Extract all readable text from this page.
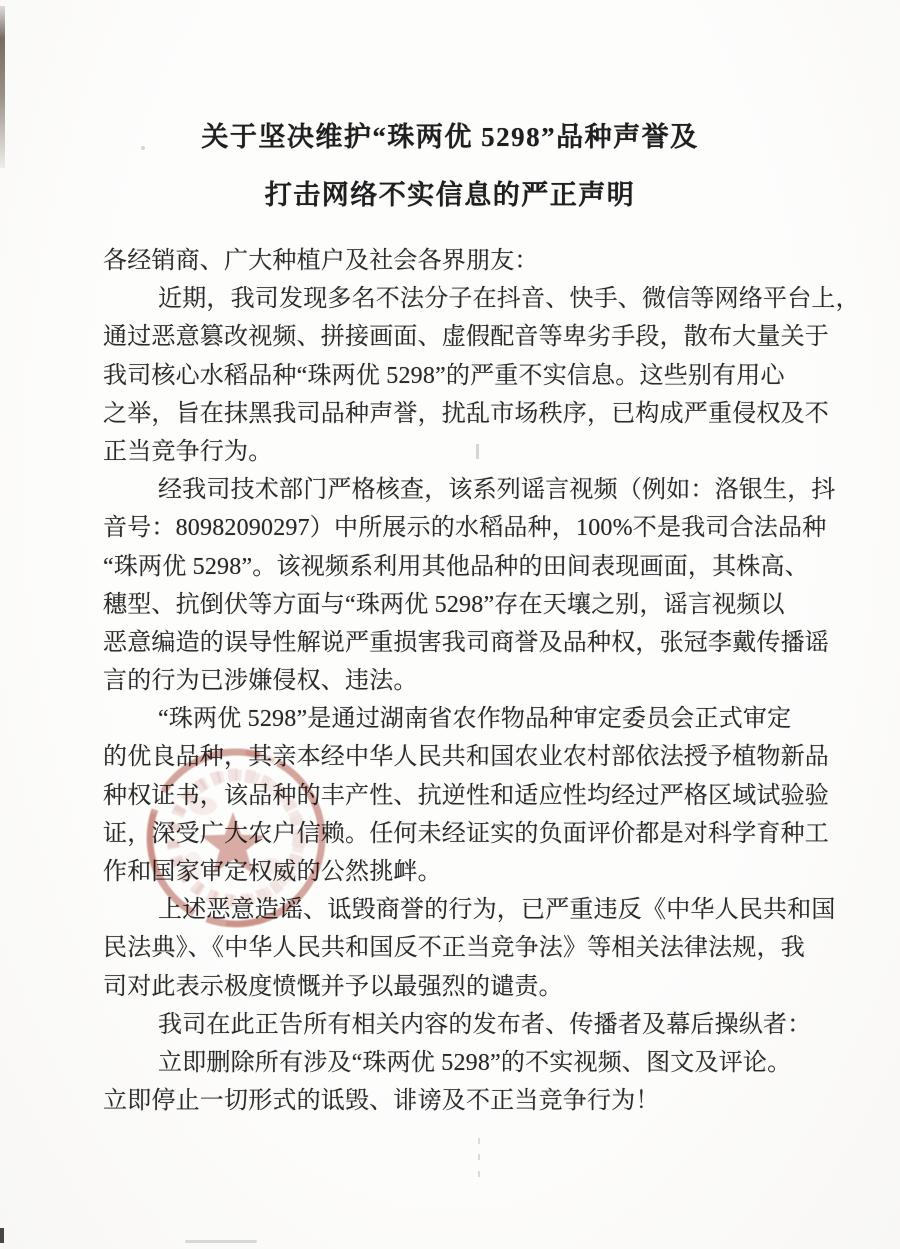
关于坚决维护“珠两优 5298”品种声誉及
打击网络不实信息的严正声明
各经销商、广大种植户及社会各界朋友：
近期，我司发现多名不法分子在抖音、快手、微信等网络平台上，
通过恶意篡改视频、拼接画面、虚假配音等卑劣手段，散布大量关于
我司核心水稻品种“珠两优 5298”的严重不实信息。这些别有用心
之举，旨在抹黑我司品种声誉，扰乱市场秩序，已构成严重侵权及不
正当竞争行为。
经我司技术部门严格核查，该系列谣言视频（例如：洛银生，抖
音号：80982090297）中所展示的水稻品种，100%不是我司合法品种
“珠两优 5298”。该视频系利用其他品种的田间表现画面，其株高、
穗型、抗倒伏等方面与“珠两优 5298”存在天壤之别，谣言视频以
恶意编造的误导性解说严重损害我司商誉及品种权，张冠李戴传播谣
言的行为已涉嫌侵权、违法。
“珠两优 5298”是通过湖南省农作物品种审定委员会正式审定
的优良品种，其亲本经中华人民共和国农业农村部依法授予植物新品
种权证书，该品种的丰产性、抗逆性和适应性均经过严格区域试验验
证，深受广大农户信赖。任何未经证实的负面评价都是对科学育种工
作和国家审定权威的公然挑衅。
上述恶意造谣、诋毁商誉的行为，已严重违反《中华人民共和国
民法典》、《中华人民共和国反不正当竞争法》等相关法律法规，我
司对此表示极度愤慨并予以最强烈的谴责。
我司在此正告所有相关内容的发布者、传播者及幕后操纵者：
立即删除所有涉及“珠两优 5298”的不实视频、图文及评论。
立即停止一切形式的诋毁、诽谤及不正当竞争行为！
